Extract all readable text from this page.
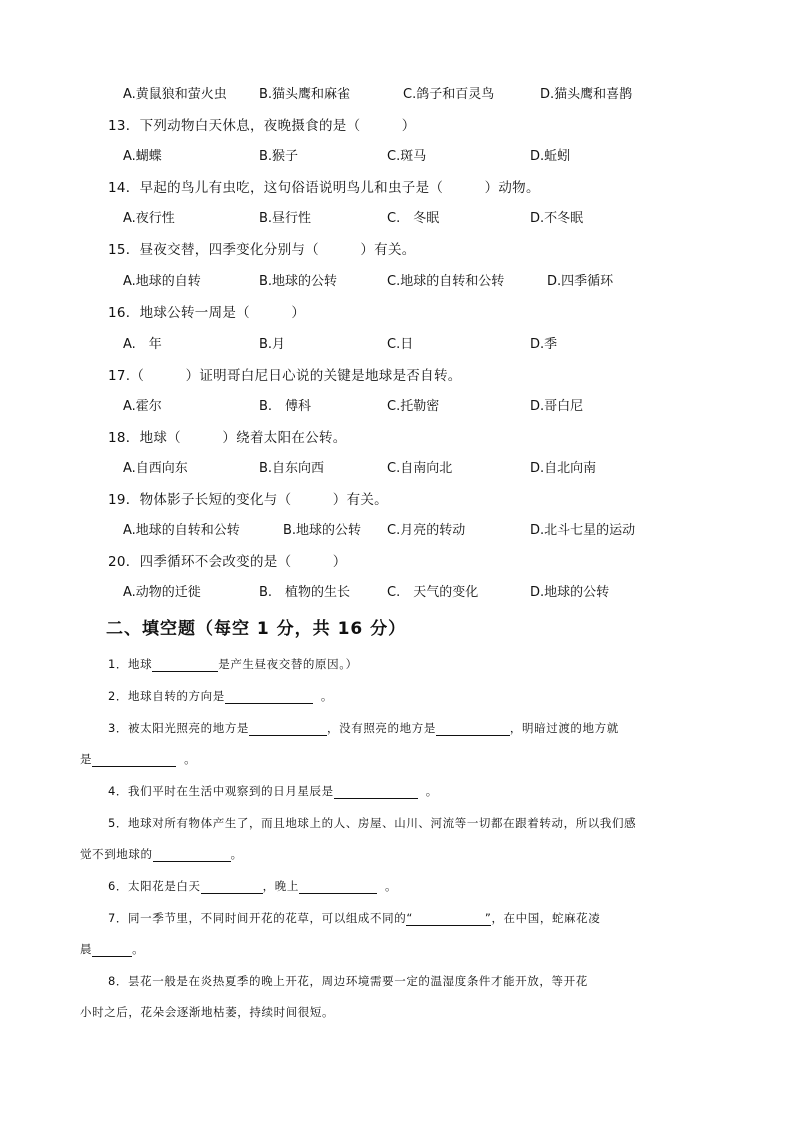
A.黄鼠狼和萤火虫 B.猫头鹰和麻雀	C.鸽子和百灵鸟	D.猫头鹰和喜鹊
13．下列动物白天休息，夜晚摄食的是（　　　）
A.蝴蝶	B.猴子	C.斑马	D.蚯蚓
14．早起的鸟儿有虫吃，这句俗语说明鸟儿和虫子是（　　　）动物。
A.夜行性	B.昼行性	C.　冬眠	D.不冬眠
15．昼夜交替，四季变化分别与（　　　）有关。
A.地球的自转	B.地球的公转	C.地球的自转和公转	D.四季循环
16．地球公转一周是（　　　）
A.　年	B.月	C.日	D.季
17.（　　　）证明哥白尼日心说的关键是地球是否自转。
A.霍尔	B.　傅科	C.托勒密	D.哥白尼
18．地球（　　　）绕着太阳在公转。
A.自西向东	B.自东向西	C.自南向北	D.自北向南
19．物体影子长短的变化与（　　　）有关。
A.地球的自转和公转	B.地球的公转 C.月亮的转动	D.北斗七星的运动
20．四季循环不会改变的是（　　　）
A.动物的迁徙	B.　植物的生长	C.　天气的变化	D.地球的公转
二、填空题（每空 1 分，共 16 分）
1．地球	是产生昼夜交替的原因。）
2．地球自转的方向是	。
3．被太阳光照亮的地方是	，没有照亮的地方是	，明暗过渡的地方就
是	。
4．我们平时在生活中观察到的日月星辰是	。
5．地球对所有物体产生了，而且地球上的人、房屋、山川、河流等一切都在跟着转动，所以我们感
觉不到地球的	。
6．太阳花是白天	，晚上	。
7．同一季节里，不同时间开花的花草，可以组成不同的“	”，在中国，蛇麻花凌
晨	。
8．昙花一般是在炎热夏季的晚上开花，周边环境需要一定的温湿度条件才能开放，等开花
小时之后，花朵会逐渐地枯萎，持续时间很短。
